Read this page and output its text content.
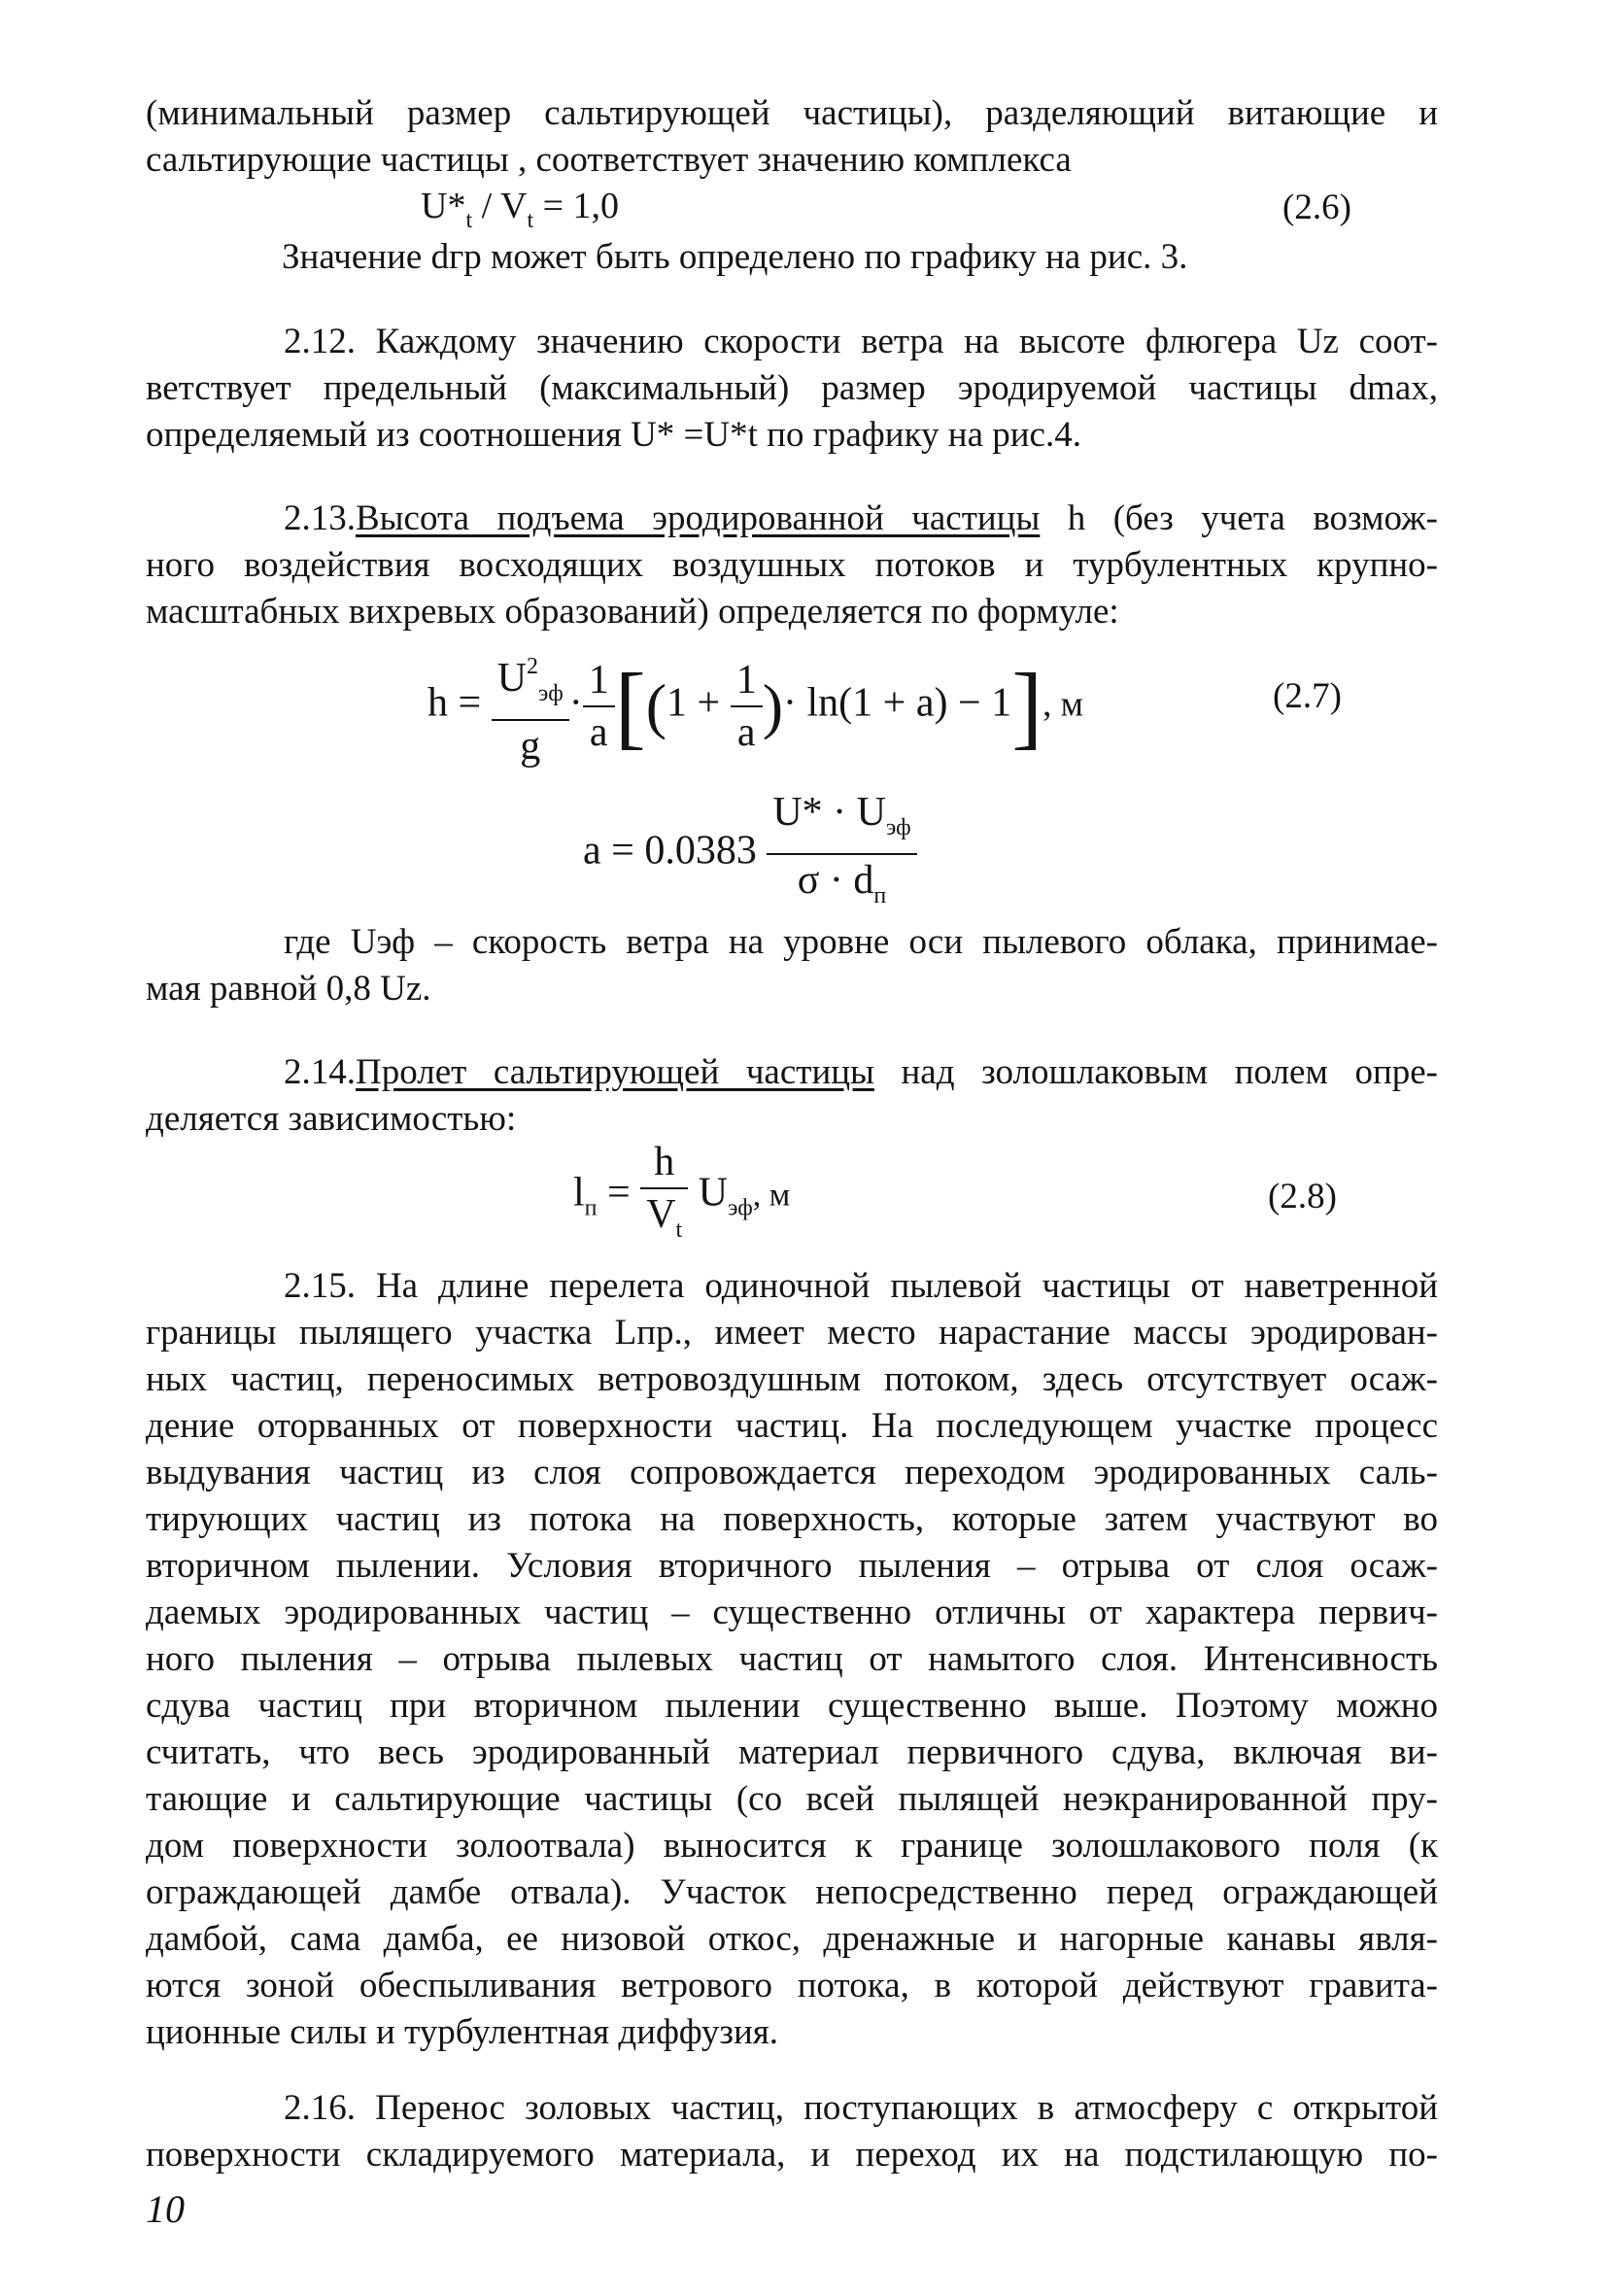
(минимальный размер сальтирующей частицы), разделяющий витающие и
сальтирующие частицы , соответствует значению комплекса
$U*_t / V_t = 1,0$	(2.6)
Значение dгр может быть определено по графику на рис. 3.
2.12. Каждому значению скорости ветра на высоте флюгера Uz соот-
ветствует предельный (максимальный) размер эродируемой частицы dmax,
определяемый из соотношения U* =U*t по графику на рис.4.
2.13.Высота подъема эродированной частицы h (без учета возмож-
ного воздействия восходящих воздушных потоков и турбулентных крупно-
масштабных вихревых образований) определяется по формуле:
$h = \frac{U^2_{эф}}{g} \cdot \frac{1}{a} [(1 + \frac{1}{a}$ )· ln(1 + a) − 1], м	(2.7)
$a = 0.0383 \frac{U* \cdot U_{эф}}{\sigma \cdot d_п}$
где Uэф – скорость ветра на уровне оси пылевого облака, принимае-
мая равной 0,8 Uz.
2.14.Пролет сальтирующей частицы над золошлаковым полем опре-
деляется зависимостью:
$l_п = \frac{h}{V_t} U_{эф}$, м	(2.8)
2.15. На длине перелета одиночной пылевой частицы от наветренной
границы пылящего участка Lпр., имеет место нарастание массы эродирован-
ных частиц, переносимых ветровоздушным потоком, здесь отсутствует осаж-
дение оторванных от поверхности частиц. На последующем участке процесс
выдувания частиц из слоя сопровождается переходом эродированных саль-
тирующих частиц из потока на поверхность, которые затем участвуют во
вторичном пылении. Условия вторичного пыления – отрыва от слоя осаж-
даемых эродированных частиц – существенно отличны от характера первич-
ного пыления – отрыва пылевых частиц от намытого слоя. Интенсивность
сдува частиц при вторичном пылении существенно выше. Поэтому можно
считать, что весь эродированный материал первичного сдува, включая ви-
тающие и сальтирующие частицы (со всей пылящей неэкранированной пру-
дом поверхности золоотвала) выносится к границе золошлакового поля (к
ограждающей дамбе отвала). Участок непосредственно перед ограждающей
дамбой, сама дамба, ее низовой откос, дренажные и нагорные канавы явля-
ются зоной обеспыливания ветрового потока, в которой действуют гравита-
ционные силы и турбулентная диффузия.
2.16. Перенос золовых частиц, поступающих в атмосферу с открытой
поверхности складируемого материала, и переход их на подстилающую по-
10
